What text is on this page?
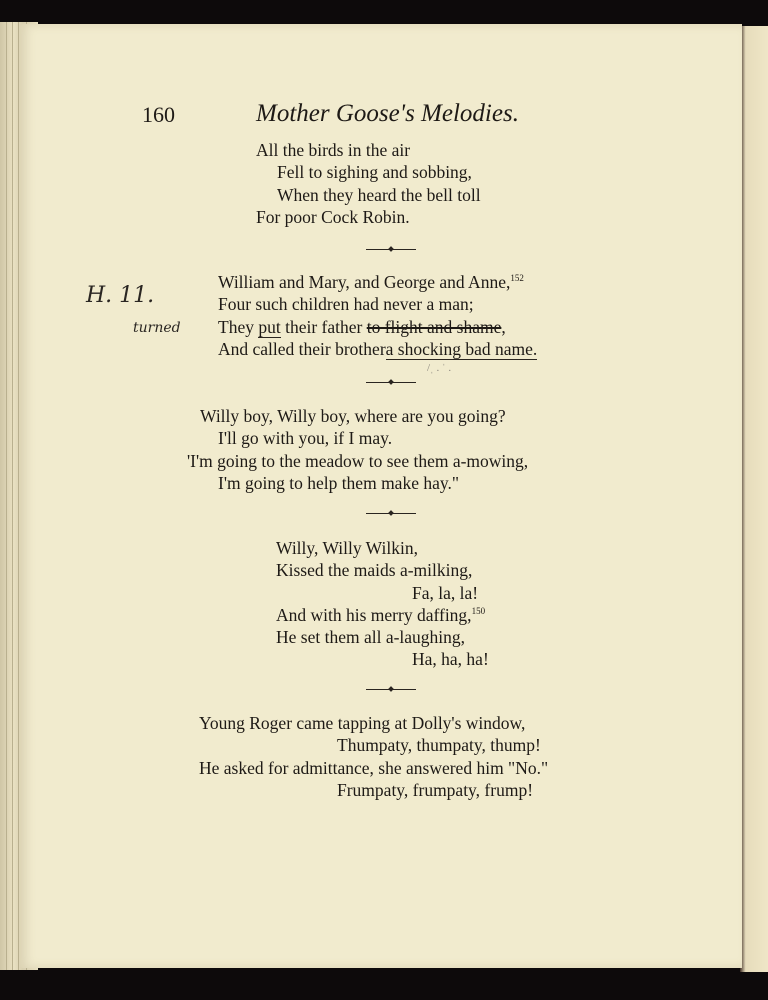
160	Mother Goose's Melodies.
All the birds in the air
Fell to sighing and sobbing,
When they heard the bell toll
For poor Cock Robin.
William and Mary, and George and Anne,$^{152}$
Four such children had never a man;
They put their father to flight and shame,
And called their brothera shocking bad name.
H. 11.
turned
/ˌ . ˈ .
Willy boy, Willy boy, where are you going?
I'll go with you, if I may.
'I'm going to the meadow to see them a-mowing,
I'm going to help them make hay."
Willy, Willy Wilkin,
Kissed the maids a-milking,
Fa, la, la!
And with his merry daffing,$^{150}$
He set them all a-laughing,
Ha, ha, ha!
Young Roger came tapping at Dolly's window,
Thumpaty, thumpaty, thump!
He asked for admittance, she answered him "No."
Frumpaty, frumpaty, frump!
